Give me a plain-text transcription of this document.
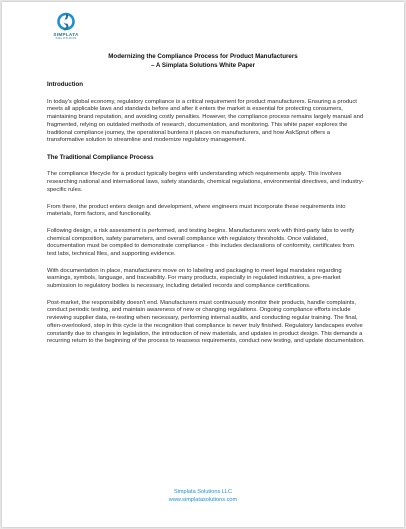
SIMPLATA
SOLUTIONS
Modernizing the Compliance Process for Product Manufacturers
– A Simplata Solutions White Paper
Introduction

In today's global economy, regulatory compliance is a critical requirement for product manufacturers. Ensuring a product meets all applicable laws and standards before and after it enters the market is essential for protecting consumers, maintaining brand reputation, and avoiding costly penalties. However, the compliance process remains largely manual and fragmented, relying on outdated methods of research, documentation, and monitoring. This white paper explores the traditional compliance journey, the operational burdens it places on manufacturers, and how AskSprut offers a transformative solution to streamline and modernize regulatory management.

The Traditional Compliance Process

The compliance lifecycle for a product typically begins with understanding which requirements apply. This involves researching national and international laws, safety standards, chemical regulations, environmental directives, and industry-specific rules.

From there, the product enters design and development, where engineers must incorporate these requirements into materials, form factors, and functionality.

Following design, a risk assessment is performed, and testing begins. Manufacturers work with third-party labs to verify chemical composition, safety parameters, and overall compliance with regulatory thresholds. Once validated, documentation must be compiled to demonstrate compliance - this includes declarations of conformity, certificates from test labs, technical files, and supporting evidence.

With documentation in place, manufacturers move on to labeling and packaging to meet legal mandates regarding warnings, symbols, language, and traceability. For many products, especially in regulated industries, a pre-market submission to regulatory bodies is necessary, including detailed records and compliance certifications.

Post-market, the responsibility doesn't end. Manufacturers must continuously monitor their products, handle complaints, conduct periodic testing, and maintain awareness of new or changing regulations. Ongoing compliance efforts include reviewing supplier data, re-testing when necessary, performing internal audits, and conducting regular training. The final, often-overlooked, step in this cycle is the recognition that compliance is never truly finished. Regulatory landscapes evolve constantly due to changes in legislation, the introduction of new materials, and updates in product design. This demands a recurring return to the beginning of the process to reassess requirements, conduct new testing, and update documentation.

Simplata Solutions LLC
www.simplatasolutions.com
